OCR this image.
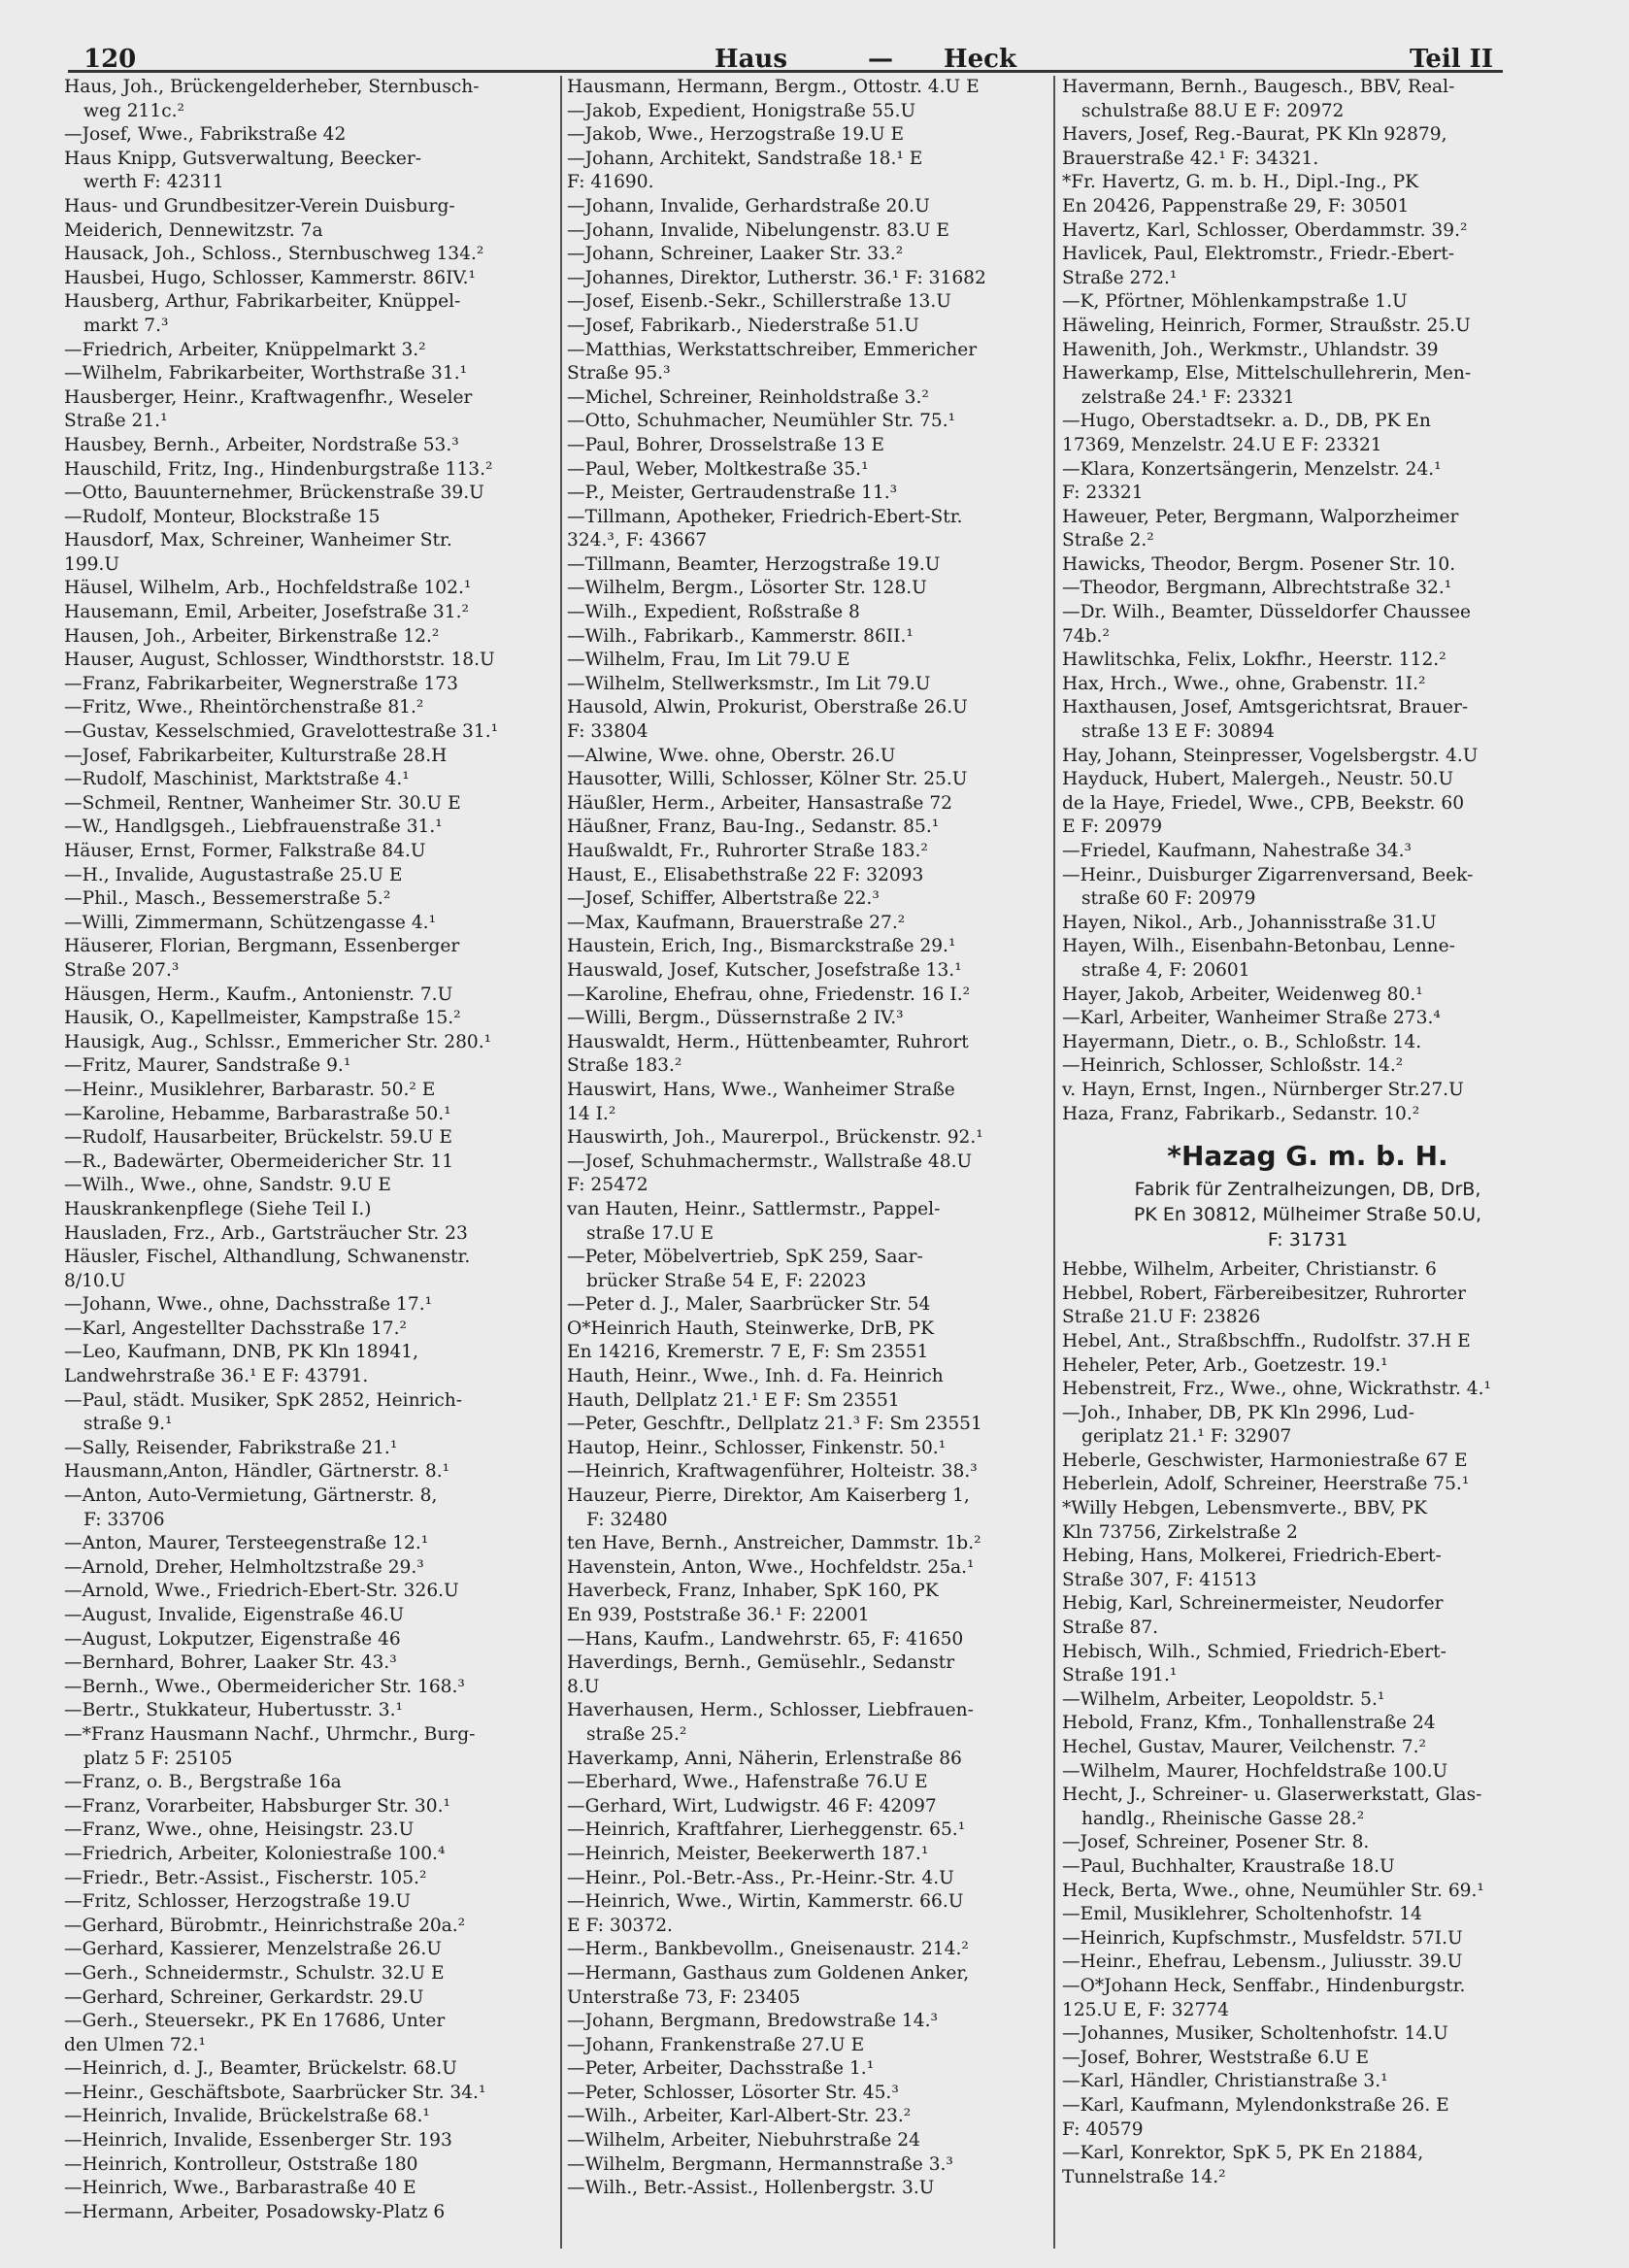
120	Haus	— Heck	Teil II
Haus, Joh., Brückengelderheber, Sternbusch-
weg 211c.²
—Josef, Wwe., Fabrikstraße 42
Haus Knipp, Gutsverwaltung, Beecker-
werth F: 42311
Haus- und Grundbesitzer-Verein Duisburg-
Meiderich, Dennewitzstr. 7a
Hausack, Joh., Schloss., Sternbuschweg 134.²
Hausbei, Hugo, Schlosser, Kammerstr. 86IV.¹
Hausberg, Arthur, Fabrikarbeiter, Knüppel-
markt 7.³
—Friedrich, Arbeiter, Knüppelmarkt 3.²
—Wilhelm, Fabrikarbeiter, Worthstraße 31.¹
Hausberger, Heinr., Kraftwagenfhr., Weseler
Straße 21.¹
Hausbey, Bernh., Arbeiter, Nordstraße 53.³
Hauschild, Fritz, Ing., Hindenburgstraße 113.²
—Otto, Bauunternehmer, Brückenstraße 39.U
—Rudolf, Monteur, Blockstraße 15
Hausdorf, Max, Schreiner, Wanheimer Str.
199.U
Häusel, Wilhelm, Arb., Hochfeldstraße 102.¹
Hausemann, Emil, Arbeiter, Josefstraße 31.²
Hausen, Joh., Arbeiter, Birkenstraße 12.²
Hauser, August, Schlosser, Windthorststr. 18.U
—Franz, Fabrikarbeiter, Wegnerstraße 173
—Fritz, Wwe., Rheintörchenstraße 81.²
—Gustav, Kesselschmied, Gravelottestraße 31.¹
—Josef, Fabrikarbeiter, Kulturstraße 28.H
—Rudolf, Maschinist, Marktstraße 4.¹
—Schmeil, Rentner, Wanheimer Str. 30.U E
—W., Handlgsgeh., Liebfrauenstraße 31.¹
Häuser, Ernst, Former, Falkstraße 84.U
—H., Invalide, Augustastraße 25.U E
—Phil., Masch., Bessemerstraße 5.²
—Willi, Zimmermann, Schützengasse 4.¹
Häuserer, Florian, Bergmann, Essenberger
Straße 207.³
Häusgen, Herm., Kaufm., Antonienstr. 7.U
Hausik, O., Kapellmeister, Kampstraße 15.²
Hausigk, Aug., Schlssr., Emmericher Str. 280.¹
—Fritz, Maurer, Sandstraße 9.¹
—Heinr., Musiklehrer, Barbarastr. 50.² E
—Karoline, Hebamme, Barbarastraße 50.¹
—Rudolf, Hausarbeiter, Brückelstr. 59.U E
—R., Badewärter, Obermeidericher Str. 11
—Wilh., Wwe., ohne, Sandstr. 9.U E
Hauskrankenpflege (Siehe Teil I.)
Hausladen, Frz., Arb., Gartsträucher Str. 23
Häusler, Fischel, Althandlung, Schwanenstr.
8/10.U
—Johann, Wwe., ohne, Dachsstraße 17.¹
—Karl, Angestellter Dachsstraße 17.²
—Leo, Kaufmann, DNB, PK Kln 18941,
Landwehrstraße 36.¹ E F: 43791.
—Paul, städt. Musiker, SpK 2852, Heinrich-
straße 9.¹
—Sally, Reisender, Fabrikstraße 21.¹
Hausmann,Anton, Händler, Gärtnerstr. 8.¹
—Anton, Auto-Vermietung, Gärtnerstr. 8,
F: 33706
—Anton, Maurer, Tersteegenstraße 12.¹
—Arnold, Dreher, Helmholtzstraße 29.³
—Arnold, Wwe., Friedrich-Ebert-Str. 326.U
—August, Invalide, Eigenstraße 46.U
—August, Lokputzer, Eigenstraße 46
—Bernhard, Bohrer, Laaker Str. 43.³
—Bernh., Wwe., Obermeidericher Str. 168.³
—Bertr., Stukkateur, Hubertusstr. 3.¹
—*Franz Hausmann Nachf., Uhrmchr., Burg-
platz 5 F: 25105
—Franz, o. B., Bergstraße 16a
—Franz, Vorarbeiter, Habsburger Str. 30.¹
—Franz, Wwe., ohne, Heisingstr. 23.U
—Friedrich, Arbeiter, Koloniestraße 100.⁴
—Friedr., Betr.-Assist., Fischerstr. 105.²
—Fritz, Schlosser, Herzogstraße 19.U
—Gerhard, Bürobmtr., Heinrichstraße 20a.²
—Gerhard, Kassierer, Menzelstraße 26.U
—Gerh., Schneidermstr., Schulstr. 32.U E
—Gerhard, Schreiner, Gerkardstr. 29.U
—Gerh., Steuersekr., PK En 17686, Unter
den Ulmen 72.¹
—Heinrich, d. J., Beamter, Brückelstr. 68.U
—Heinr., Geschäftsbote, Saarbrücker Str. 34.¹
—Heinrich, Invalide, Brückelstraße 68.¹
—Heinrich, Invalide, Essenberger Str. 193
—Heinrich, Kontrolleur, Oststraße 180
—Heinrich, Wwe., Barbarastraße 40 E
—Hermann, Arbeiter, Posadowsky-Platz 6
Hausmann, Hermann, Bergm., Ottostr. 4.U E
—Jakob, Expedient, Honigstraße 55.U
—Jakob, Wwe., Herzogstraße 19.U E
—Johann, Architekt, Sandstraße 18.¹ E
F: 41690.
—Johann, Invalide, Gerhardstraße 20.U
—Johann, Invalide, Nibelungenstr. 83.U E
—Johann, Schreiner, Laaker Str. 33.²
—Johannes, Direktor, Lutherstr. 36.¹ F: 31682
—Josef, Eisenb.-Sekr., Schillerstraße 13.U
—Josef, Fabrikarb., Niederstraße 51.U
—Matthias, Werkstattschreiber, Emmericher
Straße 95.³
—Michel, Schreiner, Reinholdstraße 3.²
—Otto, Schuhmacher, Neumühler Str. 75.¹
—Paul, Bohrer, Drosselstraße 13 E
—Paul, Weber, Moltkestraße 35.¹
—P., Meister, Gertraudenstraße 11.³
—Tillmann, Apotheker, Friedrich-Ebert-Str.
324.³, F: 43667
—Tillmann, Beamter, Herzogstraße 19.U
—Wilhelm, Bergm., Lösorter Str. 128.U
—Wilh., Expedient, Roßstraße 8
—Wilh., Fabrikarb., Kammerstr. 86II.¹
—Wilhelm, Frau, Im Lit 79.U E
—Wilhelm, Stellwerksmstr., Im Lit 79.U
Hausold, Alwin, Prokurist, Oberstraße 26.U
F: 33804
—Alwine, Wwe. ohne, Oberstr. 26.U
Hausotter, Willi, Schlosser, Kölner Str. 25.U
Häußler, Herm., Arbeiter, Hansastraße 72
Häußner, Franz, Bau-Ing., Sedanstr. 85.¹
Haußwaldt, Fr., Ruhrorter Straße 183.²
Haust, E., Elisabethstraße 22 F: 32093
—Josef, Schiffer, Albertstraße 22.³
—Max, Kaufmann, Brauerstraße 27.²
Haustein, Erich, Ing., Bismarckstraße 29.¹
Hauswald, Josef, Kutscher, Josefstraße 13.¹
—Karoline, Ehefrau, ohne, Friedenstr. 16 I.²
—Willi, Bergm., Düssernstraße 2 IV.³
Hauswaldt, Herm., Hüttenbeamter, Ruhrort
Straße 183.²
Hauswirt, Hans, Wwe., Wanheimer Straße
14 I.²
Hauswirth, Joh., Maurerpol., Brückenstr. 92.¹
—Josef, Schuhmachermstr., Wallstraße 48.U
F: 25472
van Hauten, Heinr., Sattlermstr., Pappel-
straße 17.U E
—Peter, Möbelvertrieb, SpK 259, Saar-
brücker Straße 54 E, F: 22023
—Peter d. J., Maler, Saarbrücker Str. 54
O*Heinrich Hauth, Steinwerke, DrB, PK
En 14216, Kremerstr. 7 E, F: Sm 23551
Hauth, Heinr., Wwe., Inh. d. Fa. Heinrich
Hauth, Dellplatz 21.¹ E F: Sm 23551
—Peter, Geschftr., Dellplatz 21.³ F: Sm 23551
Hautop, Heinr., Schlosser, Finkenstr. 50.¹
—Heinrich, Kraftwagenführer, Holteistr. 38.³
Hauzeur, Pierre, Direktor, Am Kaiserberg 1,
F: 32480
ten Have, Bernh., Anstreicher, Dammstr. 1b.²
Havenstein, Anton, Wwe., Hochfeldstr. 25a.¹
Haverbeck, Franz, Inhaber, SpK 160, PK
En 939, Poststraße 36.¹ F: 22001
—Hans, Kaufm., Landwehrstr. 65, F: 41650
Haverdings, Bernh., Gemüsehlr., Sedanstr
8.U
Haverhausen, Herm., Schlosser, Liebfrauen-
straße 25.²
Haverkamp, Anni, Näherin, Erlenstraße 86
—Eberhard, Wwe., Hafenstraße 76.U E
—Gerhard, Wirt, Ludwigstr. 46 F: 42097
—Heinrich, Kraftfahrer, Lierheggenstr. 65.¹
—Heinrich, Meister, Beekerwerth 187.¹
—Heinr., Pol.-Betr.-Ass., Pr.-Heinr.-Str. 4.U
—Heinrich, Wwe., Wirtin, Kammerstr. 66.U
E F: 30372.
—Herm., Bankbevollm., Gneisenaustr. 214.²
—Hermann, Gasthaus zum Goldenen Anker,
Unterstraße 73, F: 23405
—Johann, Bergmann, Bredowstraße 14.³
—Johann, Frankenstraße 27.U E
—Peter, Arbeiter, Dachsstraße 1.¹
—Peter, Schlosser, Lösorter Str. 45.³
—Wilh., Arbeiter, Karl-Albert-Str. 23.²
—Wilhelm, Arbeiter, Niebuhrstraße 24
—Wilhelm, Bergmann, Hermannstraße 3.³
—Wilh., Betr.-Assist., Hollenbergstr. 3.U
Havermann, Bernh., Baugesch., BBV, Real-
schulstraße 88.U E F: 20972
Havers, Josef, Reg.-Baurat, PK Kln 92879,
Brauerstraße 42.¹ F: 34321.
*Fr. Havertz, G. m. b. H., Dipl.-Ing., PK
En 20426, Pappenstraße 29, F: 30501
Havertz, Karl, Schlosser, Oberdammstr. 39.²
Havlicek, Paul, Elektromstr., Friedr.-Ebert-
Straße 272.¹
—K, Pförtner, Möhlenkampstraße 1.U
Häweling, Heinrich, Former, Straußstr. 25.U
Hawenith, Joh., Werkmstr., Uhlandstr. 39
Hawerkamp, Else, Mittelschullehrerin, Men-
zelstraße 24.¹ F: 23321
—Hugo, Oberstadtsekr. a. D., DB, PK En
17369, Menzelstr. 24.U E F: 23321
—Klara, Konzertsängerin, Menzelstr. 24.¹
F: 23321
Haweuer, Peter, Bergmann, Walporzheimer
Straße 2.²
Hawicks, Theodor, Bergm. Posener Str. 10.
—Theodor, Bergmann, Albrechtstraße 32.¹
—Dr. Wilh., Beamter, Düsseldorfer Chaussee
74b.²
Hawlitschka, Felix, Lokfhr., Heerstr. 112.²
Hax, Hrch., Wwe., ohne, Grabenstr. 1I.²
Haxthausen, Josef, Amtsgerichtsrat, Brauer-
straße 13 E F: 30894
Hay, Johann, Steinpresser, Vogelsbergstr. 4.U
Hayduck, Hubert, Malergeh., Neustr. 50.U
de la Haye, Friedel, Wwe., CPB, Beekstr. 60
E F: 20979
—Friedel, Kaufmann, Nahestraße 34.³
—Heinr., Duisburger Zigarrenversand, Beek-
straße 60 F: 20979
Hayen, Nikol., Arb., Johannisstraße 31.U
Hayen, Wilh., Eisenbahn-Betonbau, Lenne-
straße 4, F: 20601
Hayer, Jakob, Arbeiter, Weidenweg 80.¹
—Karl, Arbeiter, Wanheimer Straße 273.⁴
Hayermann, Dietr., o. B., Schloßstr. 14.
—Heinrich, Schlosser, Schloßstr. 14.²
v. Hayn, Ernst, Ingen., Nürnberger Str.27.U
Haza, Franz, Fabrikarb., Sedanstr. 10.²
*Hazag G. m. b. H.
Fabrik für Zentralheizungen, DB, DrB,
PK En 30812, Mülheimer Straße 50.U,
F: 31731
Hebbe, Wilhelm, Arbeiter, Christianstr. 6
Hebbel, Robert, Färbereibesitzer, Ruhrorter
Straße 21.U F: 23826
Hebel, Ant., Straßbschffn., Rudolfstr. 37.H E
Heheler, Peter, Arb., Goetzestr. 19.¹
Hebenstreit, Frz., Wwe., ohne, Wickrathstr. 4.¹
—Joh., Inhaber, DB, PK Kln 2996, Lud-
geriplatz 21.¹ F: 32907
Heberle, Geschwister, Harmoniestraße 67 E
Heberlein, Adolf, Schreiner, Heerstraße 75.¹
*Willy Hebgen, Lebensmverte., BBV, PK
Kln 73756, Zirkelstraße 2
Hebing, Hans, Molkerei, Friedrich-Ebert-
Straße 307, F: 41513
Hebig, Karl, Schreinermeister, Neudorfer
Straße 87.
Hebisch, Wilh., Schmied, Friedrich-Ebert-
Straße 191.¹
—Wilhelm, Arbeiter, Leopoldstr. 5.¹
Hebold, Franz, Kfm., Tonhallenstraße 24
Hechel, Gustav, Maurer, Veilchenstr. 7.²
—Wilhelm, Maurer, Hochfeldstraße 100.U
Hecht, J., Schreiner- u. Glaserwerkstatt, Glas-
handlg., Rheinische Gasse 28.²
—Josef, Schreiner, Posener Str. 8.
—Paul, Buchhalter, Kraustraße 18.U
Heck, Berta, Wwe., ohne, Neumühler Str. 69.¹
—Emil, Musiklehrer, Scholtenhofstr. 14
—Heinrich, Kupfschmstr., Musfeldstr. 57I.U
—Heinr., Ehefrau, Lebensm., Juliusstr. 39.U
—O*Johann Heck, Senffabr., Hindenburgstr.
125.U E, F: 32774
—Johannes, Musiker, Scholtenhofstr. 14.U
—Josef, Bohrer, Weststraße 6.U E
—Karl, Händler, Christianstraße 3.¹
—Karl, Kaufmann, Mylendonkstraße 26. E
F: 40579
—Karl, Konrektor, SpK 5, PK En 21884,
Tunnelstraße 14.²
